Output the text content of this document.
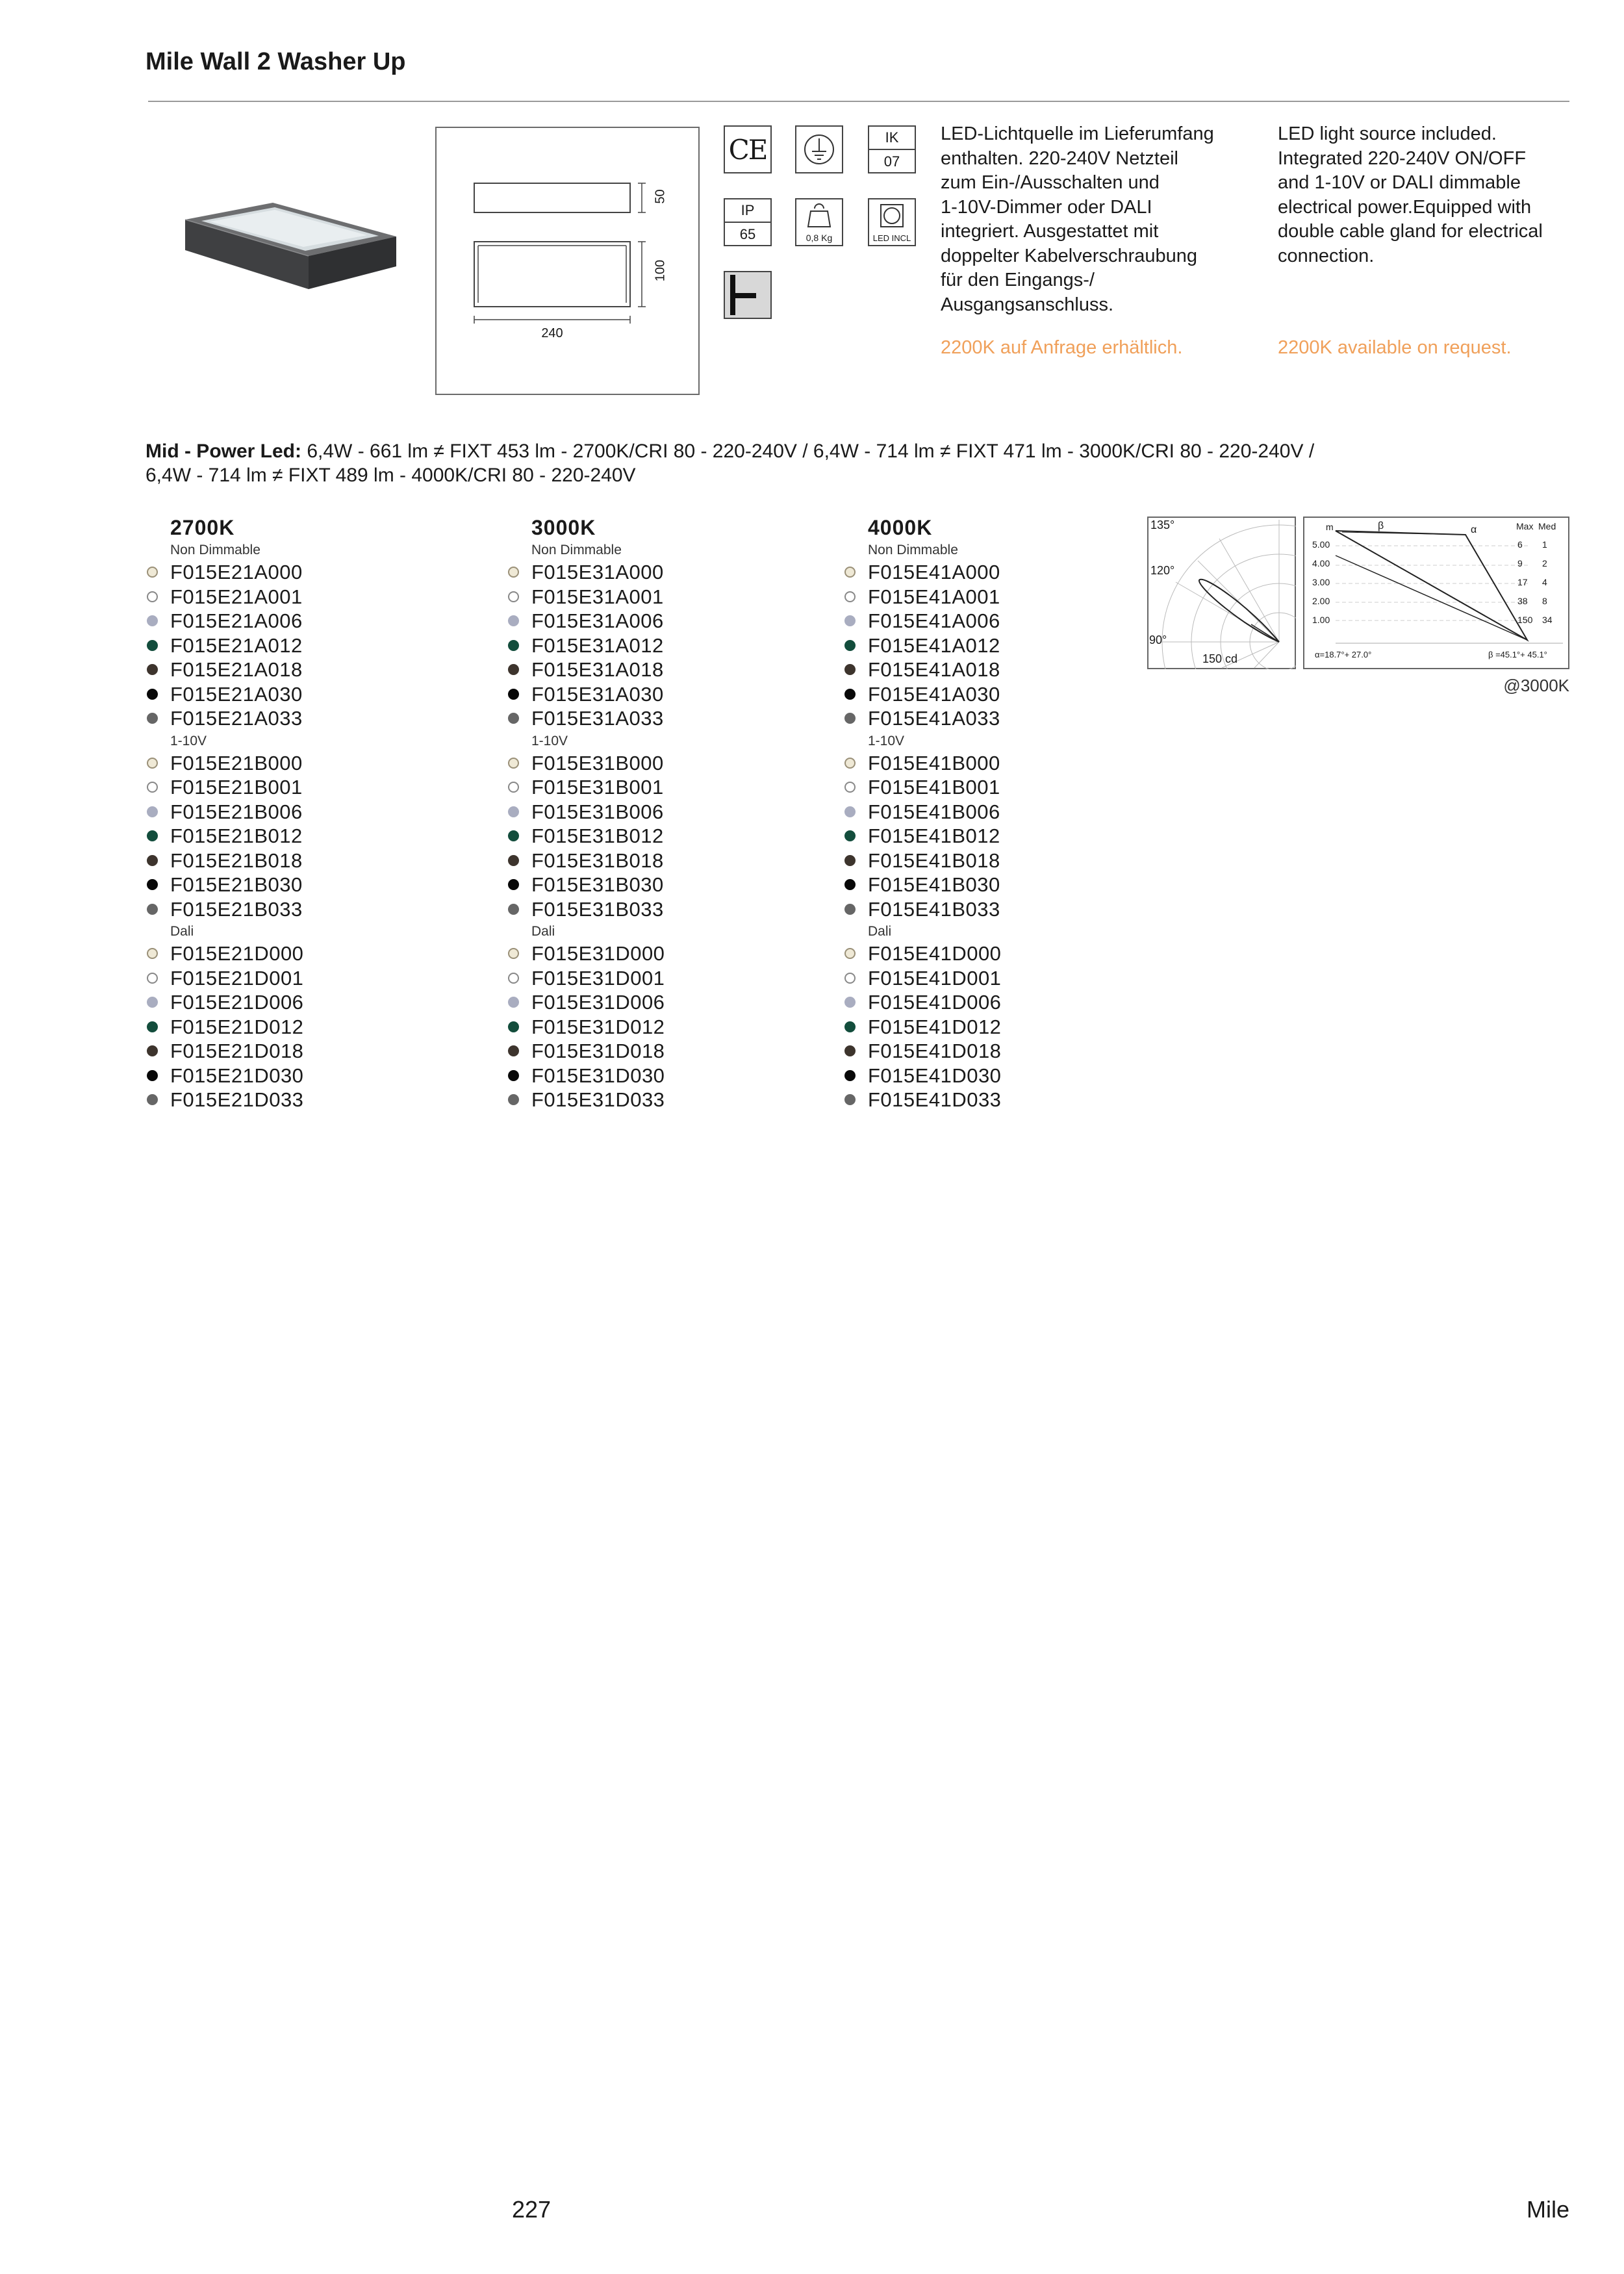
Mile Wall 2 Washer Up
50
100
240
CE	IK
07
IP
65	0,8 Kg	LED INCL
LED-Lichtquelle im Lieferumfang
enthalten. 220-240V Netzteil
zum Ein-/Ausschalten und
1-10V-Dimmer oder DALI
integriert. Ausgestattet mit
doppelter Kabelverschraubung
für den Eingangs-/
Ausgangsanschluss.
LED light source included.
Integrated 220-240V ON/OFF
and 1-10V or DALI dimmable
electrical power.Equipped with
double cable gland for electrical
connection.
2200K auf Anfrage erhältlich.	2200K available on request.
Mid - Power Led: 6,4W - 661 lm ≠ FIXT 453 lm - 2700K/CRI 80 - 220-240V / 6,4W - 714 lm ≠ FIXT 471 lm - 3000K/CRI 80 - 220-240V /
6,4W - 714 lm ≠ FIXT 489 lm - 4000K/CRI 80 - 220-240V
2700K
Non Dimmable
F015E21A000
F015E21A001
F015E21A006
F015E21A012
F015E21A018
F015E21A030
F015E21A033
1-10V
F015E21B000
F015E21B001
F015E21B006
F015E21B012
F015E21B018
F015E21B030
F015E21B033
Dali
F015E21D000
F015E21D001
F015E21D006
F015E21D012
F015E21D018
F015E21D030
F015E21D033
3000K
Non Dimmable
F015E31A000
F015E31A001
F015E31A006
F015E31A012
F015E31A018
F015E31A030
F015E31A033
1-10V
F015E31B000
F015E31B001
F015E31B006
F015E31B012
F015E31B018
F015E31B030
F015E31B033
Dali
F015E31D000
F015E31D001
F015E31D006
F015E31D012
F015E31D018
F015E31D030
F015E31D033
4000K
Non Dimmable
F015E41A000
F015E41A001
F015E41A006
F015E41A012
F015E41A018
F015E41A030
F015E41A033
1-10V
F015E41B000
F015E41B001
F015E41B006
F015E41B012
F015E41B018
F015E41B030
F015E41B033
Dali
F015E41D000
F015E41D001
F015E41D006
F015E41D012
F015E41D018
F015E41D030
F015E41D033
135°
120°
90°
150 cd
m	β	α	Max Med
5.00	6 1
4.00	9 2
3.00	17 4
2.00	38 8
1.00	150 34
α=18.7°+ 27.0°	β =45.1°+ 45.1°
@3000K
227	Mile
